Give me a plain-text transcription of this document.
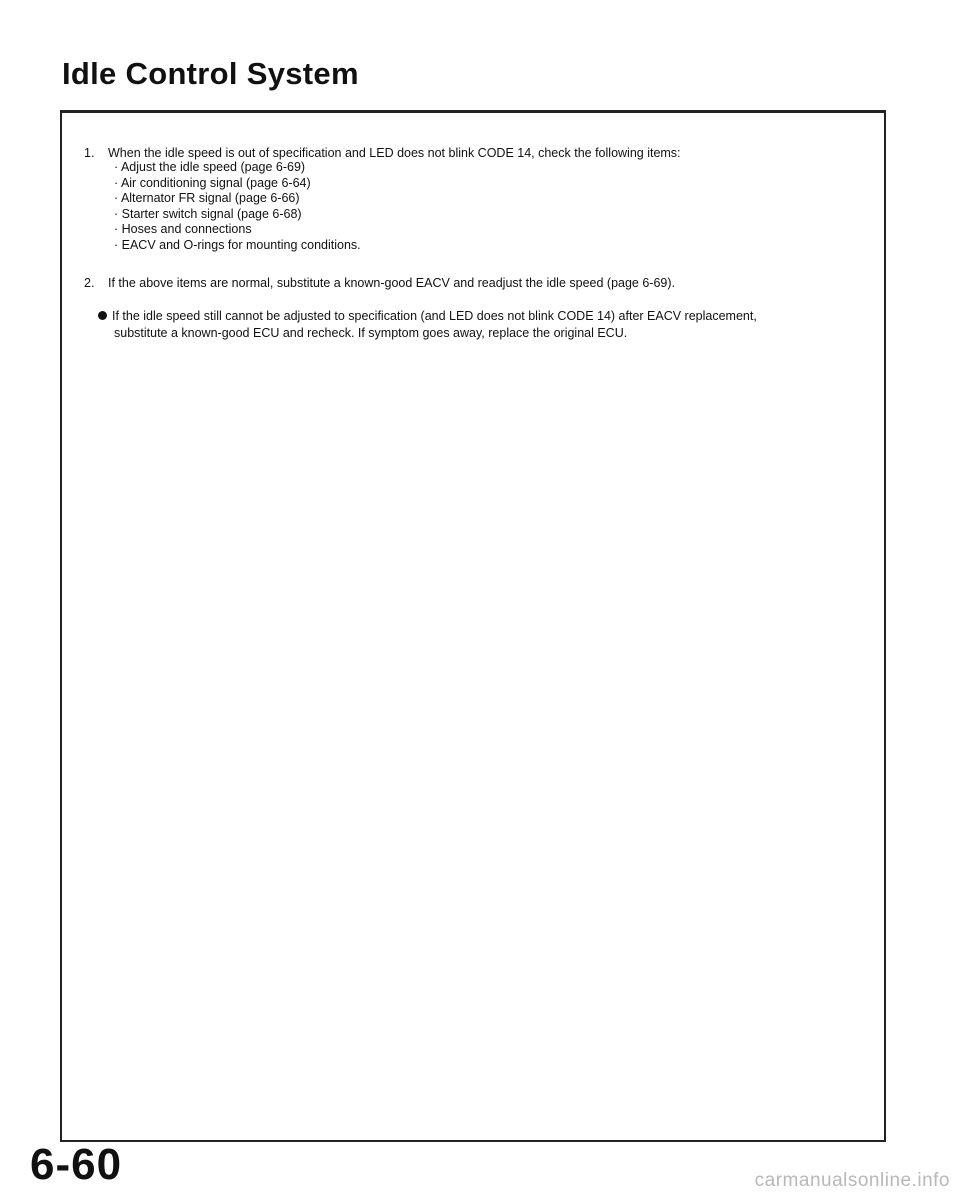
Idle Control System
1. When the idle speed is out of specification and LED does not blink CODE 14, check the following items:
· Adjust the idle speed (page 6-69)
· Air conditioning signal (page 6-64)
· Alternator FR signal (page 6-66)
· Starter switch signal (page 6-68)
· Hoses and connections
· EACV and O-rings for mounting conditions.
2. If the above items are normal, substitute a known-good EACV and readjust the idle speed (page 6-69).
If the idle speed still cannot be adjusted to specification (and LED does not blink CODE 14) after EACV replacement,
substitute a known-good ECU and recheck. If symptom goes away, replace the original ECU.
6-60	carmanualsonline.info
